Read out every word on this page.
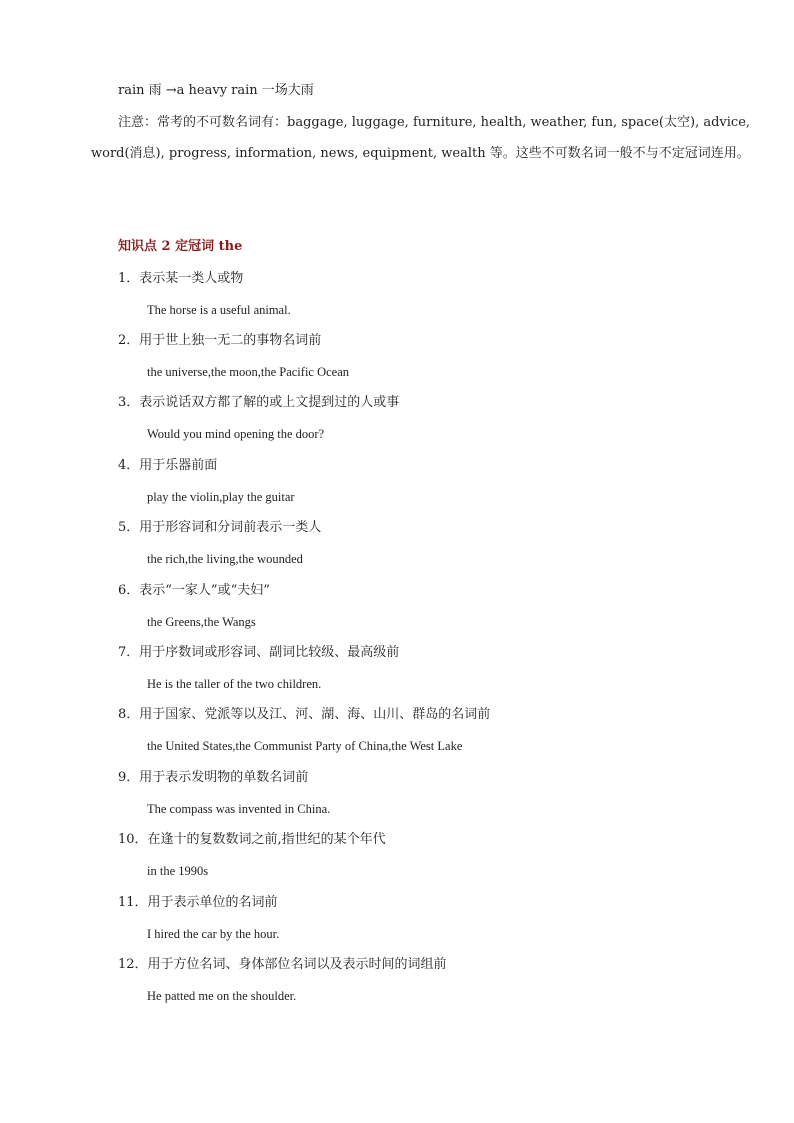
rain 雨 →a heavy rain 一场大雨
注意：常考的不可数名词有：baggage, luggage, furniture, health, weather, fun, space(太空), advice,
word(消息), progress, information, news, equipment, wealth 等。这些不可数名词一般不与不定冠词连用。
知识点 2 定冠词 the
1．表示某一类人或物
The horse is a useful animal.
2．用于世上独一无二的事物名词前
the universe,the moon,the Pacific Ocean
3．表示说话双方都了解的或上文提到过的人或事
Would you mind opening the door?
4．用于乐器前面
play the violin,play the guitar
5．用于形容词和分词前表示一类人
the rich,the living,the wounded
6．表示“一家人”或“夫妇”
the Greens,the Wangs
7．用于序数词或形容词、副词比较级、最高级前
He is the taller of the two children.
8．用于国家、党派等以及江、河、湖、海、山川、群岛的名词前
the United States,the Communist Party of China,the West Lake
9．用于表示发明物的单数名词前
The compass was invented in China.
10．在逢十的复数数词之前,指世纪的某个年代
in the 1990s
11．用于表示单位的名词前
I hired the car by the hour.
12．用于方位名词、身体部位名词以及表示时间的词组前
He patted me on the shoulder.
